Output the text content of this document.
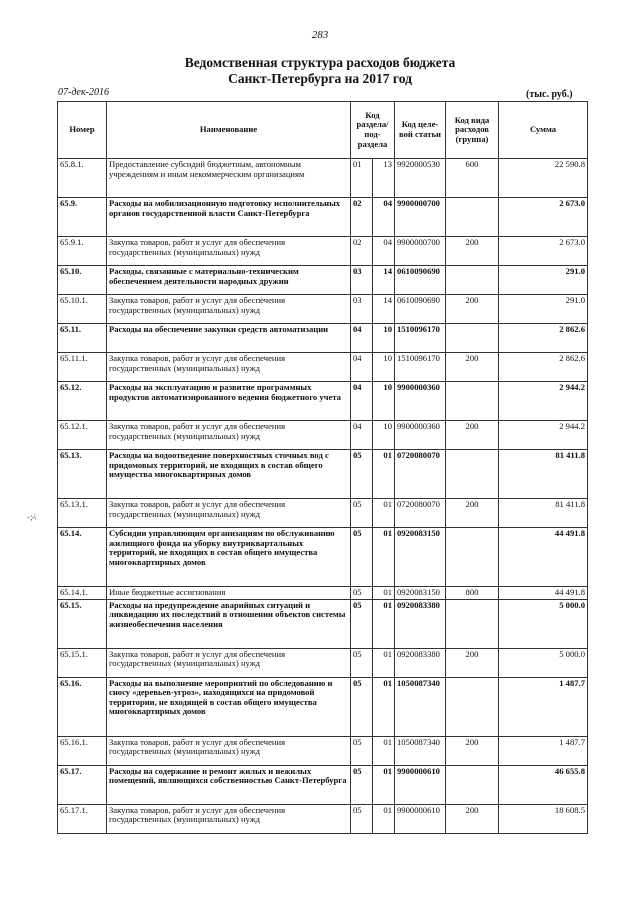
283
Ведомственная структура расходов бюджета
Санкт-Петербурга на 2017 год
07-дек-2016	(тыс. руб.)
- ;-\
Номер	Наименование	Код раздела/ под-раздела		Код целе-вой статьи	Код вида расходов (группа)	Сумма
65.8.1.	Предоставление субсидий бюджетным, автономным учреждениям и иным некоммерческим организациям	01	13	9920000530	600	22 590.8
65.9.	Расходы на мобилизационную подготовку исполнительных органов государственной власти Санкт-Петербурга	02	04	9900000700		2 673.0
65.9.1.	Закупка товаров, работ и услуг для обеспечения государственных (муниципальных) нужд	02	04	9900000700	200	2 673.0
65.10.	Расходы, связанные с материально-техническим обеспечением деятельности народных дружин	03	14	0610090690		291.0
65.10.1.	Закупка товаров, работ и услуг для обеспечения государственных (муниципальных) нужд	03	14	0610090690	200	291.0
65.11.	Расходы на обеспечение закупки средств автоматизации	04	10	1510096170		2 862.6
65.11.1.	Закупка товаров, работ и услуг для обеспечения государственных (муниципальных) нужд	04	10	1510096170	200	2 862.6
65.12.	Расходы на эксплуатацию и развитие программных продуктов автоматизированного ведения бюджетного учета	04	10	9900000360		2 944.2
65.12.1.	Закупка товаров, работ и услуг для обеспечения государственных (муниципальных) нужд	04	10	9900000360	200	2 944.2
65.13.	Расходы на водоотведение поверхностных сточных вод с придомовых территорий, не входящих в состав общего имущества многоквартирных домов	05	01	0720080070		81 411.8
65.13.1.	Закупка товаров, работ и услуг для обеспечения государственных (муниципальных) нужд	05	01	0720080070	200	81 411.8
65.14.	Субсидии управляющим организациям по обслуживанию жилищного фонда на уборку внутриквартальных территорий, не входящих в состав общего имущества многоквартирных домов	05	01	0920083150		44 491.8
65.14.1.	Иные бюджетные ассигнования	05	01	0920083150	800	44 491.8
65.15.	Расходы на предупреждение аварийных ситуаций и ликвидацию их последствий в отношении объектов системы жизнеобеспечения населения	05	01	0920083380		5 000.0
65.15.1.	Закупка товаров, работ и услуг для обеспечения государственных (муниципальных) нужд	05	01	0920083380	200	5 000.0
65.16.	Расходы на выполнение мероприятий по обследованию и сносу «деревьев-угроз», находящихся на придомовой территории, не входящей в состав общего имущества многоквартирных домов	05	01	1050087340		1 487.7
65.16.1.	Закупка товаров, работ и услуг для обеспечения государственных (муниципальных) нужд	05	01	1050087340	200	1 487.7
65.17.	Расходы на содержание и ремонт жилых и нежилых помещений, являющихся собственностью Санкт-Петербурга	05	01	9900000610		46 655.8
65.17.1.	Закупка товаров, работ и услуг для обеспечения государственных (муниципальных) нужд	05	01	9900000610	200	18 608.5
